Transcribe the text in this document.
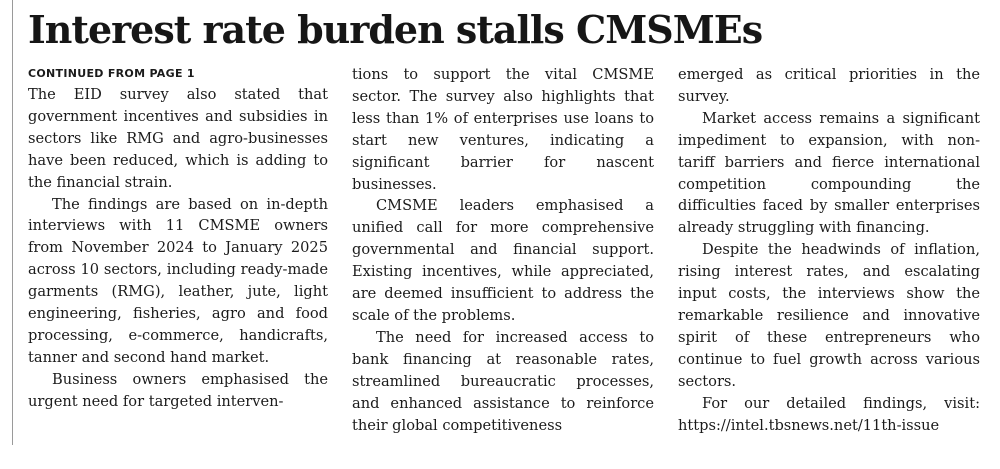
Interest rate burden stalls CMSMEs
CONTINUED FROM PAGE 1

The EID survey also stated that government incentives and subsidies in sectors like RMG and agro-businesses have been reduced, which is adding to the financial strain.

The findings are based on in-depth interviews with 11 CMSME owners from November 2024 to January 2025 across 10 sectors, including ready-made garments (RMG), leather, jute, light engineering, fisheries, agro and food processing, e-commerce, handicrafts, tanner and second hand market.

Business owners emphasised the urgent need for targeted interven-

tions to support the vital CMSME sector. The survey also highlights that less than 1% of enterprises use loans to start new ventures, indicating a significant barrier for nascent businesses.

CMSME leaders emphasised a unified call for more comprehensive governmental and financial support. Existing incentives, while appreciated, are deemed insufficient to address the scale of the problems.

The need for increased access to bank financing at reasonable rates, streamlined bureaucratic processes, and enhanced assistance to reinforce their global competitiveness

emerged as critical priorities in the survey.

Market access remains a significant impediment to expansion, with non-tariff barriers and fierce international competition compounding the difficulties faced by smaller enterprises already struggling with financing.

Despite the headwinds of inflation, rising interest rates, and escalating input costs, the interviews show the remarkable resilience and innovative spirit of these entrepreneurs who continue to fuel growth across various sectors.

For our detailed findings, visit: https://intel.tbsnews.net/11th-issue
